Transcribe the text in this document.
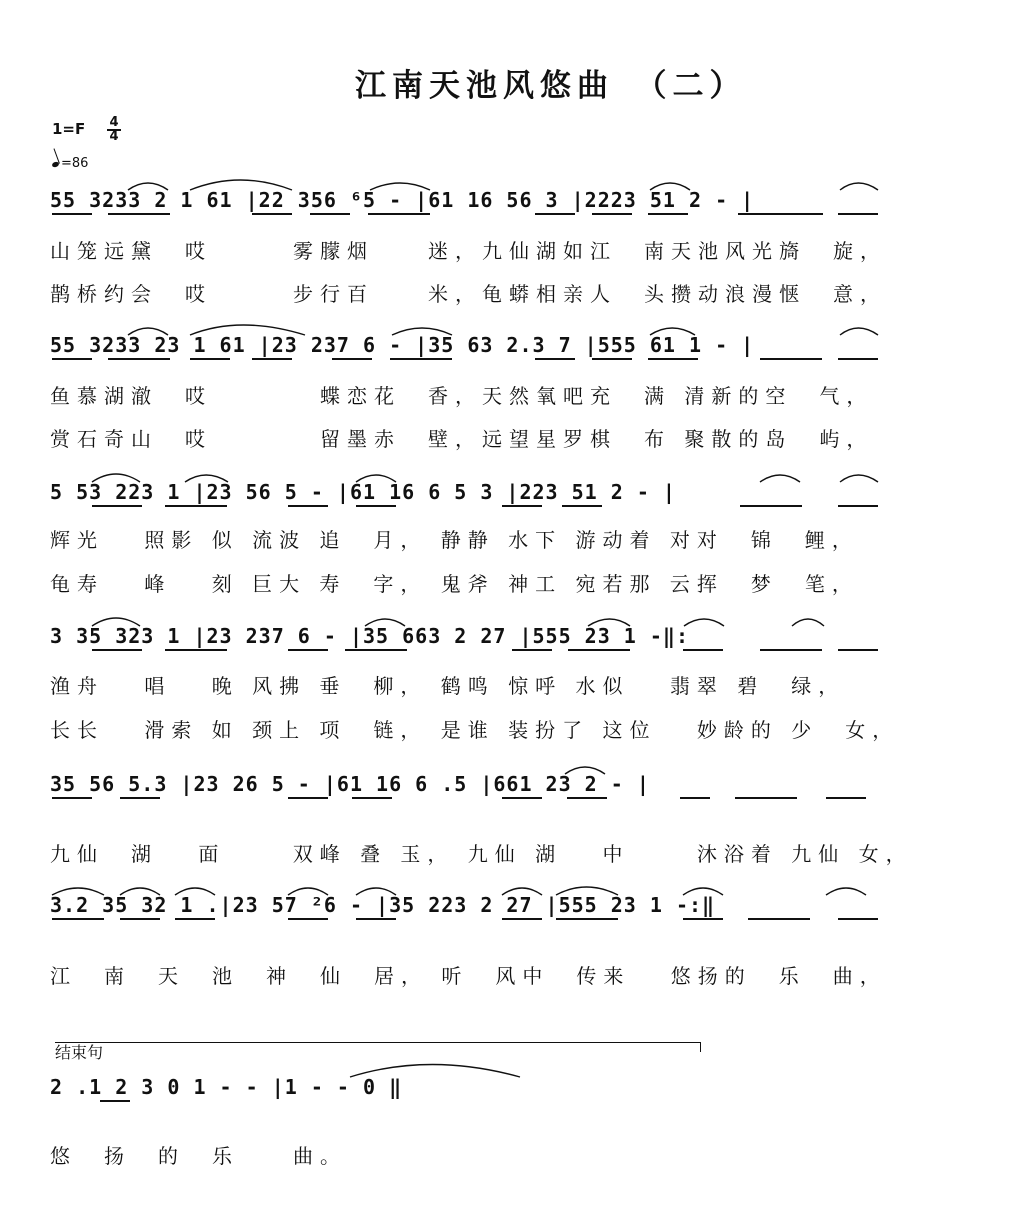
江南天池风悠曲　（二）
1=F 4
4
=86
55 3233 2 1 61 |22 356 ⁶5 - |61 16 56 3 |2223 51 2 - |
山笼远黛　哎　　　雾朦烟　　迷，九仙湖如江　南天池风光旖　旋，
鹊桥约会　哎　　　步行百　　米，龟蟒相亲人　头攒动浪漫惬　意，
55 3233 23 1 61 |23 237 6 - |35 63 2.3 7 |555 61 1 - |
鱼慕湖澈　哎　　　　蝶恋花　香，天然氧吧充　满 清新的空　气，
赏石奇山　哎　　　　留墨赤　壁，远望星罗棋　布 聚散的岛　屿，
5 53 223 1 |23 56 5 - |61 16 6 5 3 |223 51 2 - |
辉光　 照影 似 流波 追　月， 静静 水下 游动着 对对　锦　鲤，
龟寿　 峰　 刻 巨大 寿　字， 鬼斧 神工 宛若那 云挥　梦　笔，
3 35 323 1 |23 237 6 - |35 663 2 27 |555 23 1 -‖:
渔舟　 唱　 晚 风拂 垂　柳， 鹤鸣 惊呼 水似　 翡翠 碧　绿，
长长　 滑索 如 颈上 项　链， 是谁 装扮了 这位　 妙龄的 少　女，
35 56 5.3 |23 26 5 - |61 16 6 .5 |661 23 2 - |
九仙　湖　 面　　 双峰 叠 玉， 九仙 湖　 中　　 沐浴着 九仙 女，
3.2 35 32 1 .|23 57 ²6 - |35 223 2 27 |555 23 1 -:‖
江　南　天　池　神　仙　居， 听　风中　传来　 悠扬的　乐　曲，
结束句
2 .1 2 3 0 1 - - |1 - - 0 ‖
悠　扬　的　乐　　曲。
